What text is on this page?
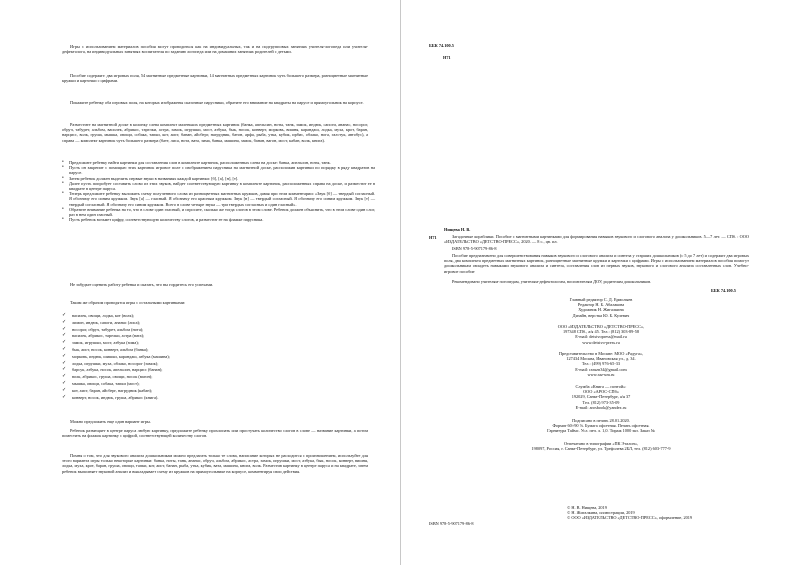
Игры с использованием материалов пособия могут проводиться как на индивидуальных, так и на подгрупповых занятиях учителя-логопеда или учителя-дефектолога, на индивидуальных занятиях воспитателя по заданию логопеда или на домашних занятиях родителей с детьми.

Пособие содержит: два игровых поля, 54 магнитные предметные картинки, 14 магнитных предметных картинок чуть большего размера, разноцветные магнитные кружки и карточки с цифрами.

Покажите ребенку оба игровых поля, на которых изображены сказочные парусники, обратите его внимание на квадраты на парусе и прямоугольник на корпусе.

Разместите на магнитной доске в колонку слева комплект маленьких предметных картинок (банка, апельсин, ноты, танк, замок, индюк, сапоги, ананас, носорог, обруч, табурет, альбом, василек, абрикос, тарелки, астра, замок, игрушки, мост, азбука, бык, носок, конверт, морковь, вишня, карандаш, лодка, муха, крот, баран, нарцисс, волк, груша, мышка, овощи, собака, тапки, кот, аист, банан, айсберг, нагрудник, батон, арфа, рыба, утка, кубик, ирбис, облако, нога, галстук, автобус), а справа — комплект картинок чуть большего размера (батт, лиса, нота, вата, зима, банка, машина, замок, банан, вагон, мост, кабан, волк, книга).

• Предложите ребенку найти картинки для составления слов в комплекте картинок, расположенных слева на доске: банка, апельсин, ноты, танк.
• Пусть он закрепит с помощью этих картинок игровое поле с изображением парусника на магнитной доске, расположив картинки по порядку в ряду квадратов на парусе.
• Затем ребенок должен выделить первые звуки в названиях каждой картинки: [б], [а], [н], [т].
• Далее пусть попробует составить слово из этих звуков, найдет соответствующую картинку в комплекте картинок, расположенных справа на доске, и разместит ее в квадрате в центре паруса.
• Теперь предложите ребенку выложить схему полученного слова из разноцветных магнитных кружков, давая при этом комментарии: «Звук [б] — твердый согласный. Я обозначу его синим кружком. Звук [а] — гласный. Я обозначу его красным кружком. Звук [н] — твердый согласный. Я обозначу его синим кружком. Звук [т] — твердый согласный. Я обозначу его синим кружком. Всего в слове четыре звука — три твердых согласных и один гласный».
• Обратите внимание ребенка на то, что в слове один гласный, и спросите, сколько же тогда слогов в этом слове. Ребенок должен объяснить, что в этом слове один слог, раз в нем один гласный.
• Пусть ребенок возьмет цифру, соответствующую количеству слогов, и разместит ее на флажке парусника.

Не забудьте оценить работу ребенка и сказать, что вы гордитесь его успехами.

Таким же образом проводятся игры с остальными картинками:

✓ василек, овощи, лодка, кот (волк);
✓ лимон, индюк, сапоги, ананас (лиса);
✓ носорог, обруч, табурет, альбом (нота);
✓ василек, абрикос, тарелки, астра (вата);
✓ замок, игрушки, мост, азбука (зима);
✓ бык, аист, носок, конверт, альбом (банка);
✓ морковь, индюк, шишки, карандаш, азбука (машина);
✓ лодка, игрушки, муха, облако, носорог (замок);
✓ барсук, азбука, носок, апельсин, нарцисс (банан);
✓ волк, абрикос, груша, овощи, носок (вагон);
✓ мышка, овощи, собака, тапки (мост);
✓ кот, аист, баран, айсберг, нагрудник (кабан);
✓ конверт, носок, индюк, груша, абрикос (книга).

Можно предложить еще один вариант игры.

Ребенок размещает в центре паруса любую картинку, предложите ребенку прохлопать или простучать количество слогов в слове — название картинки, а потом поместить на флажок картинку с цифрой, соответствующей количеству слогов.

Помня о том, что для звукового анализа дошкольникам можно предлагать только те слова, написание которых не расходится с произношением, используйте для этого варианта игры только некоторые картинки: банка, ноты, танк, ананас, обруч, альбом, абрикос, астра, замок, игрушки, мост, азбука, бык, носок, конверт, вишня, лодка, муха, крот, баран, груша, овощи, тапки, кот, аист, банан, рыба, утка, кубик, вата, машина, книга, волк. Разместив картинку в центре паруса и на квадрате, затем ребенок выполняет звуковой анализ и выкладывает схему из кружков на прямоугольнике на корпусе, комментируя свои действия.

ББК 74.100.5
Н71
Нищева Н. В.
Н71	Загадочные кораблики. Пособие с магнитными картинками для формирования навыков звукового и слогового анализа у дошкольников. 5—7 лет. — СПб. : ООО «ИЗДАТЕЛЬСТВО «ДЕТСТВО-ПРЕСС», 2020. — 8 с., цв. ил.
ISBN 978-5-907179-86-8
Пособие предназначено для совершенствования навыков звукового и слогового анализа и синтеза у старших дошкольников (с 5 до 7 лет) и содержит два игровых поля, два комплекта предметных магнитных картинок, разноцветные магнитные кружки и карточки с цифрами. Игры с использованием материалов пособия помогут дошкольникам овладеть навыками звукового анализа и синтеза, составления слов из первых звуков, звукового и слогового анализа составленных слов. Учебно-игровое пособие
Рекомендовано учителям-логопедам, учителям-дефектологам, воспитателям ДОУ, родителям дошкольников.
ББК 74.100.5
Главный редактор С. Д. Ермолыев
Редактор Н. Б. Абалакова
Художник Н. Жигалкина
Дизайн, верстка Ю. Б. Кулевич
ООО «ИЗДАТЕЛЬСТВО «ДЕТСТВО-ПРЕСС»,
197348 СПб., а/я 45. Тел.: (812) 303-89-58
E-mail: detstvopress@mail.ru
www.detstvo-press.ru
Представительство в Москве: МОО «Радуга»,
127434 Москва, Ивановская ул., д. 34.
Тел.: (499) 976-65-33
E-mail: raruzn34@gmail.com
www.raz-um.ru
Служба «Книга — почтой»:
ООО «АРОС-СПб»
192029, Санкт-Петербург, а/я 37
Тел. (812) 973-35-09
E-mail: arosbook@yandex.ru
Подписано в печать 28.01.2020.
Формат 60×90 ⅛. Бумага офсетная. Печать офсетная.
Гарнитура Таймс. Усл. печ. л. 1,0. Тираж 1000 экз. Заказ №
Отпечатано в типографии «ПК Эталон»,
198097, Россия, г. Санкт-Петербург, ул. Трефолева 2БЛ, тел. (812) 603-777-9
© Н. В. Нищева, 2019
© Н. Жигалкина, иллюстрации, 2019
© ООО «ИЗДАТЕЛЬСТВО «ДЕТСТВО-ПРЕСС», оформление, 2019
ISBN 978-5-907179-86-8
